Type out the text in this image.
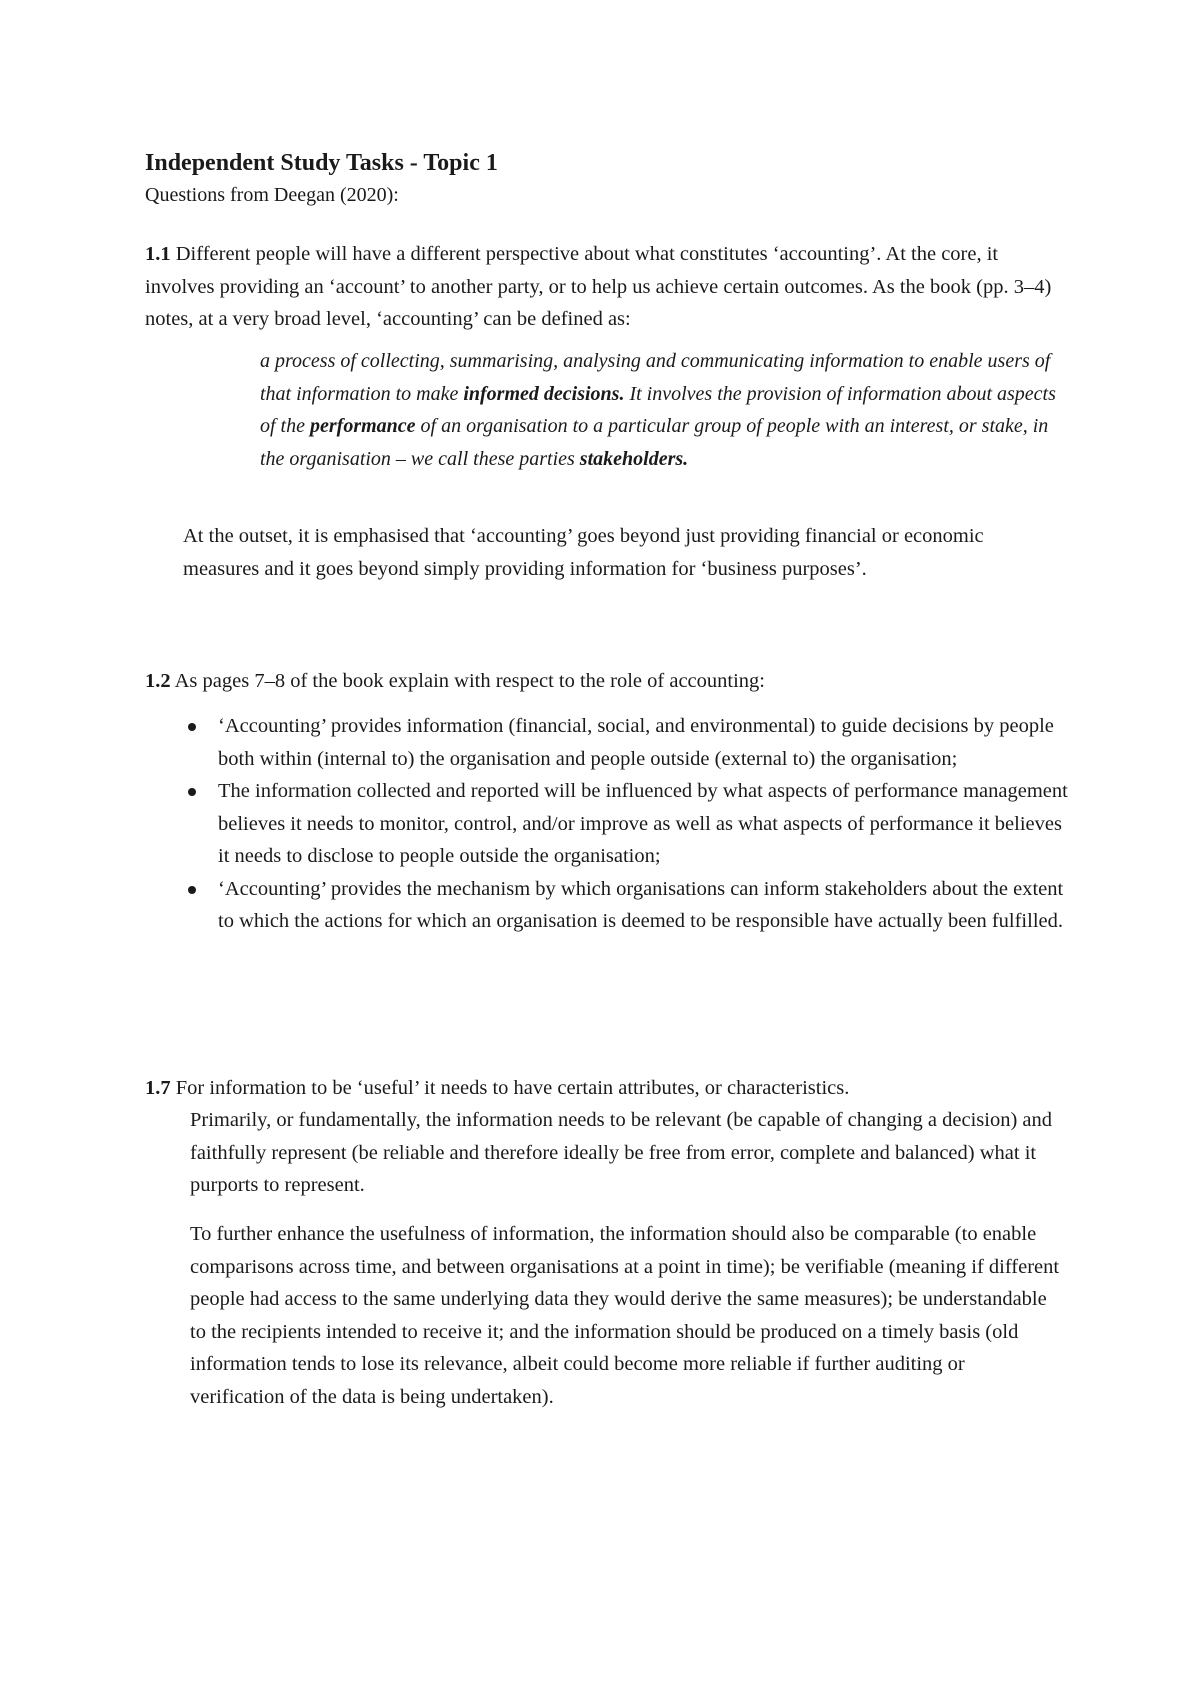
Independent Study Tasks - Topic 1
Questions from Deegan (2020):

1.1 Different people will have a different perspective about what constitutes ‘accounting’. At the core, it involves providing an ‘account’ to another party, or to help us achieve certain outcomes. As the book (pp. 3–4) notes, at a very broad level, ‘accounting’ can be defined as:

a process of collecting, summarising, analysing and communicating information to enable users of that information to make informed decisions. It involves the provision of information about aspects of the performance of an organisation to a particular group of people with an interest, or stake, in the organisation – we call these parties stakeholders.

At the outset, it is emphasised that ‘accounting’ goes beyond just providing financial or economic measures and it goes beyond simply providing information for ‘business purposes’.

1.2 As pages 7–8 of the book explain with respect to the role of accounting:

‘Accounting’ provides information (financial, social, and environmental) to guide decisions by people both within (internal to) the organisation and people outside (external to) the organisation;
The information collected and reported will be influenced by what aspects of performance management believes it needs to monitor, control, and/or improve as well as what aspects of performance it believes it needs to disclose to people outside the organisation;
‘Accounting’ provides the mechanism by which organisations can inform stakeholders about the extent to which the actions for which an organisation is deemed to be responsible have actually been fulfilled.

1.7 For information to be ‘useful’ it needs to have certain attributes, or characteristics.

Primarily, or fundamentally, the information needs to be relevant (be capable of changing a decision) and faithfully represent (be reliable and therefore ideally be free from error, complete and balanced) what it purports to represent.

To further enhance the usefulness of information, the information should also be comparable (to enable comparisons across time, and between organisations at a point in time); be verifiable (meaning if different people had access to the same underlying data they would derive the same measures); be understandable to the recipients intended to receive it; and the information should be produced on a timely basis (old information tends to lose its relevance, albeit could become more reliable if further auditing or verification of the data is being undertaken).
